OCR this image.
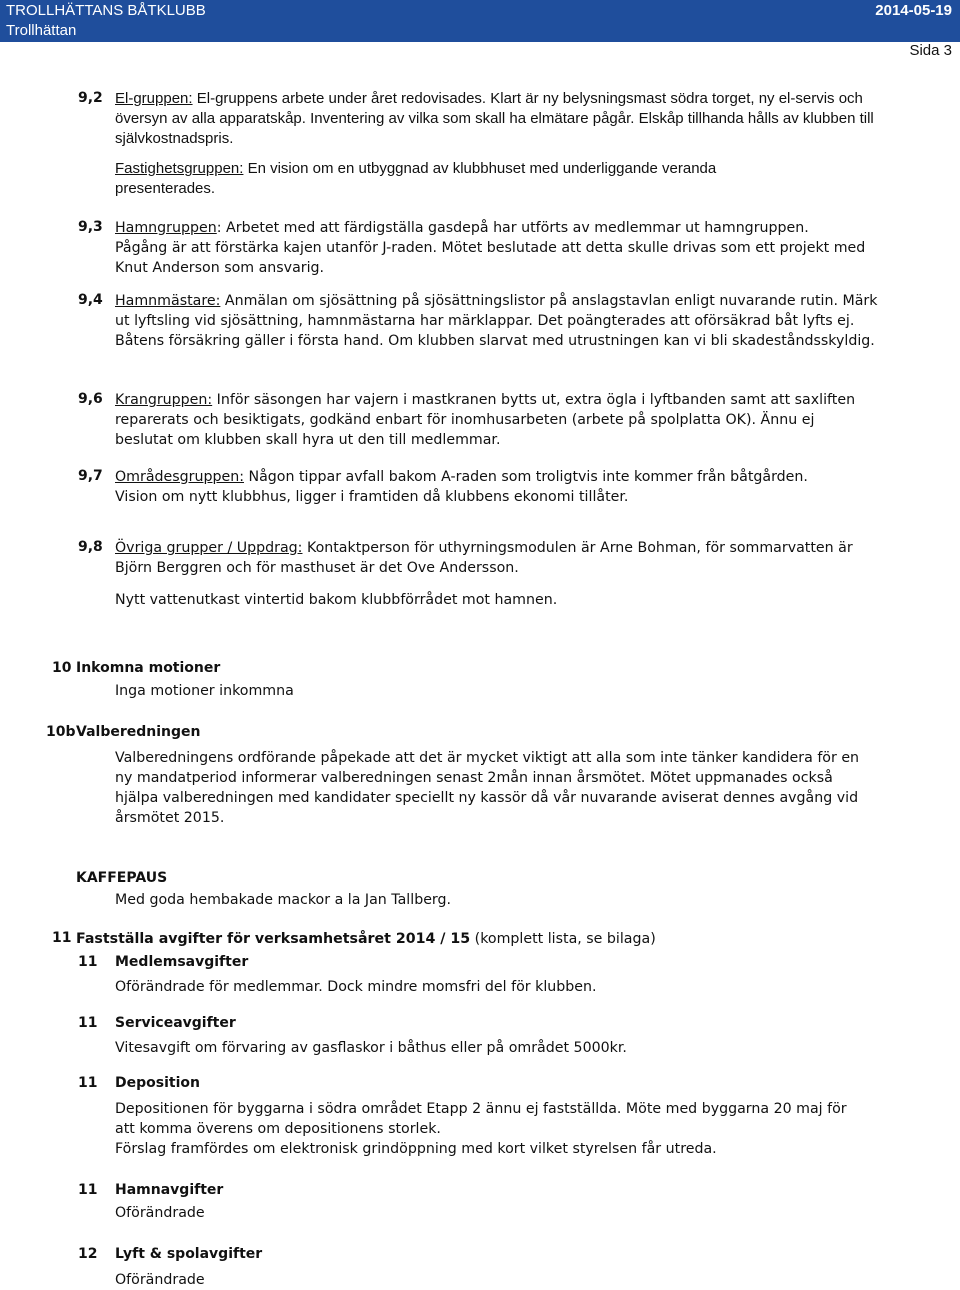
TROLLHÄTTANS BÅTKLUBB
Trollhättan
2014-05-19
Sida 3
9,2 El-gruppen: El-gruppens arbete under året redovisades. Klart är ny belysningsmast södra torget, ny el-servis och översyn av alla apparatskåp. Inventering av vilka som skall ha elmätare pågår. Elskåp tillhanda hålls av klubben till självkostnadspris.
Fastighetsgruppen: En vision om en utbyggnad av klubbhuset med underliggande veranda presenterades.
9,3 Hamngruppen: Arbetet med att färdigställa gasdepå har utförts av medlemmar ut hamngruppen.
Pågång är att förstärka kajen utanför J-raden. Mötet beslutade att detta skulle drivas som ett projekt med
Knut Anderson som ansvarig.
9,4 Hamnmästare: Anmälan om sjösättning på sjösättningslistor på anslagstavlan enligt nuvarande rutin. Märk
ut lyftsling vid sjösättning, hamnmästarna har märklappar. Det poängterades att oförsäkrad båt lyfts ej.
Båtens försäkring gäller i första hand. Om klubben slarvat med utrustningen kan vi bli skadeståndsskyldig.
9,6 Krangruppen: Inför säsongen har vajern i mastkranen bytts ut, extra ögla i lyftbanden samt att saxliften
reparerats och besiktigats, godkänd enbart för inomhusarbeten (arbete på spolplatta OK). Ännu ej
beslutat om klubben skall hyra ut den till medlemmar.
9,7 Områdesgruppen: Någon tippar avfall bakom A-raden som troligtvis inte kommer från båtgården.
Vision om nytt klubbhus, ligger i framtiden då klubbens ekonomi tillåter.
9,8 Övriga grupper / Uppdrag: Kontaktperson för uthyrningsmodulen är Arne Bohman, för sommarvatten är
Björn Berggren och för masthuset är det Ove Andersson.
Nytt vattenutkast vintertid bakom klubbförrådet mot hamnen.
10 Inkomna motioner
Inga motioner inkommna
10b Valberedningen
Valberedningens ordförande påpekade att det är mycket viktigt att alla som inte tänker kandidera för en
ny mandatperiod informerar valberedningen senast 2mån innan årsmötet. Mötet uppmanades också
hjälpa valberedningen med kandidater speciellt ny kassör då vår nuvarande aviserat dennes avgång vid
årsmötet 2015.
KAFFEPAUS
Med goda hembakade mackor a la Jan Tallberg.
11 Fastställa avgifter för verksamhetsåret 2014 / 15 (komplett lista, se bilaga)
11 Medlemsavgifter
Oförändrade för medlemmar. Dock mindre momsfri del för klubben.
11 Serviceavgifter
Vitesavgift om förvaring av gasflaskor i båthus eller på området 5000kr.
11 Deposition
Depositionen för byggarna i södra området Etapp 2 ännu ej fastställda. Möte med byggarna 20 maj för
att komma överens om depositionens storlek.
Förslag framfördes om elektronisk grindöppning med kort vilket styrelsen får utreda.
11 Hamnavgifter
Oförändrade
12 Lyft & spolavgifter
Oförändrade
